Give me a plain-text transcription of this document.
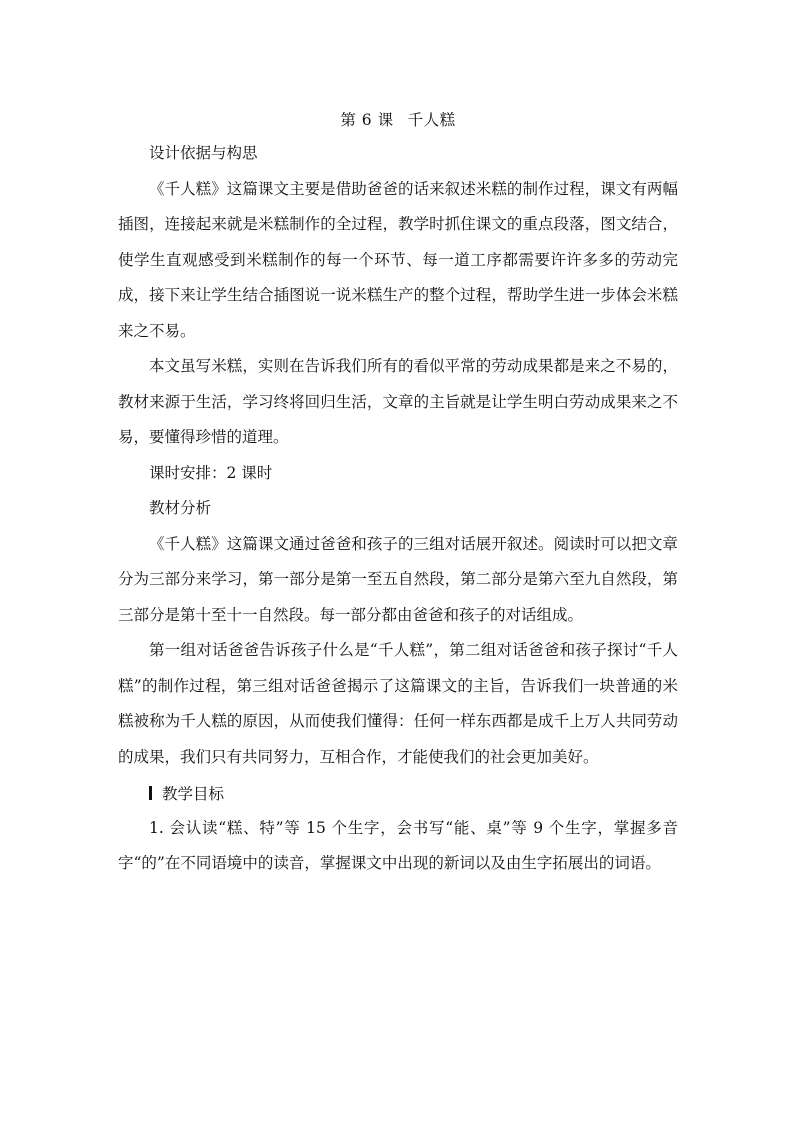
第 6 课 千人糕

设计依据与构思

《千人糕》这篇课文主要是借助爸爸的话来叙述米糕的制作过程，课文有两幅插图，连接起来就是米糕制作的全过程，教学时抓住课文的重点段落，图文结合，使学生直观感受到米糕制作的每一个环节、每一道工序都需要许许多多的劳动完成，接下来让学生结合插图说一说米糕生产的整个过程，帮助学生进一步体会米糕来之不易。

本文虽写米糕，实则在告诉我们所有的看似平常的劳动成果都是来之不易的，教材来源于生活，学习终将回归生活，文章的主旨就是让学生明白劳动成果来之不易，要懂得珍惜的道理。

课时安排：2 课时

教材分析

《千人糕》这篇课文通过爸爸和孩子的三组对话展开叙述。阅读时可以把文章分为三部分来学习，第一部分是第一至五自然段，第二部分是第六至九自然段，第三部分是第十至十一自然段。每一部分都由爸爸和孩子的对话组成。

第一组对话爸爸告诉孩子什么是“千人糕”，第二组对话爸爸和孩子探讨“千人糕”的制作过程，第三组对话爸爸揭示了这篇课文的主旨，告诉我们一块普通的米糕被称为千人糕的原因，从而使我们懂得：任何一样东西都是成千上万人共同劳动的成果，我们只有共同努力，互相合作，才能使我们的社会更加美好。

教学目标

1. 会认读“糕、特”等 15 个生字，会书写“能、桌”等 9 个生字，掌握多音字“的”在不同语境中的读音，掌握课文中出现的新词以及由生字拓展出的词语。
